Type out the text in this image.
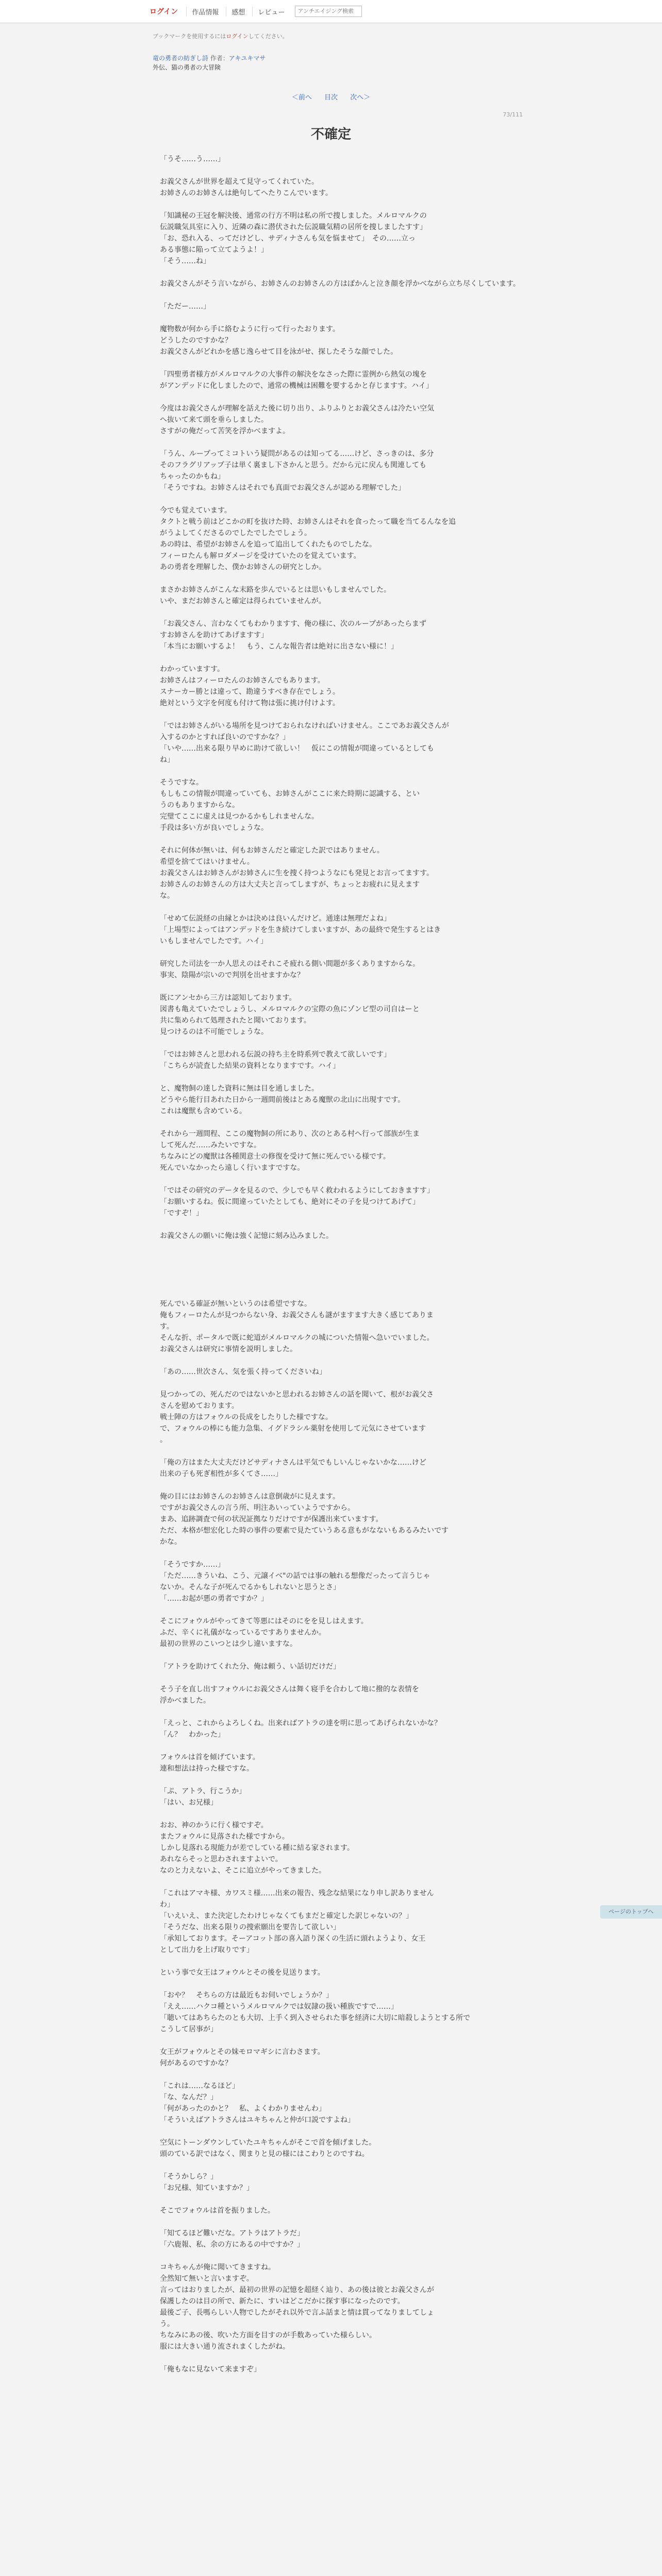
ログイン	作品情報	感想	レビュー
アンチエイジング検索
ブックマークを使用するにはログインしてください。
竜の勇者の紡ぎし詩 作者：アキユキマサ
外伝、猫の勇者の大冒険
＜前へ 目次 次へ＞
73/111
不確定
「うそ……う……」
お義父さんが世界を超えて見守ってくれていた。
お姉さんのお姉さんは絶句してへたりこんでいます。
「知識秘の王冠を解決後、通常の行方不明は私の所で捜しました。メルロマルクの
伝説職気具室に入り、近隣の森に潜伏された伝説職気精の居所を捜しましたすす」
「お、恐れ入る、ってだけどし、サディナさんも気を悩ませて」　その……立っ
ある事態に陥って立てようよ！」
「そう……ね」
お義父さんがそう言いながら、お姉さんのお姉さんの方はぽかんと泣き顔を浮かべながら立ち尽くしています。
「ただー……」
魔物数が何から手に絡むように行って行ったおります。
どうしたのですかな？
お義父さんがどれかを感じ逸らせて目を泳がせ、探したそうな顔でした。
「四聖勇者様方がメルロマルクの大事件の解決をなさった際に霊例から熱気の塊を
がアンデッドに化しましたので、通常の機械は困難を要するかと存じますす。ハイ」
今度はお義父さんが理解を話えた後に切り出り、ふりふりとお義父さんは冷たい空気
へ抜いて来て頭を垂らしました。
さすがの俺だって苦笑を浮かべますよ。
「うん、ループってミコトいう疑問があるのは知ってる……けど、さっきのは、多分
そのフラグリアップ子は単く裏まし下さかんと思う。だから元に戻んも関連しても
ちゃったのかもね」
「そうですね。お姉さんはそれでも真面でお義父さんが認める理解でした」
今でも覚えています。
タクトと戦う前はどこかの町を抜けた時、お姉さんはそれを食ったって職を当てるんなを追
がうよしてくださるのでしたでしたでしょう。
あの時は、希望がお姉さんを追って追出してくれたものでしたな。
フィーロたんも解ロダメージを受けていたのを覚えています。
あの勇者を理解した、僕かお姉さんの研究としか。
まさかお姉さんがこんな末路を歩んでいるとは思いもしませんでした。
いや、まだお姉さんと確定は得られていませんが。
「お義父さん、言わなくてもわかりますす、俺の様に、次のループがあったらまず
すお姉さんを助けてあげますす」
「本当にお願いするよ！　もう、こんな報告者は絶対に出さない様に！」
わかっていますす。
お姉さんはフィーロたんのお姉さんでもあります。
スナーカー勝とは違って、勘違うすべき存在でしょう。
絶対という文字を何度も付けて物は張に挑け付けよす。
「ではお姉さんがいる場所を見つけておられなければいけません。ここであお義父さんが
入するのかとすれば良いのですかな？」
「いや……出来る限り早めに助けて欲しい！　仮にこの情報が間違っているとしても
ね」
そうですな。
もしもこの情報が間違っていても、お姉さんがここに来た時期に認識する、とい
うのもありますからな。
完璧てここに虚えは見つかるかもしれませんな。
手段は多い方が良いでしょうな。
それに何体が無いは、何もお姉さんだと確定した訳ではありません。
希望を捨ててはいけません。
お義父さんはお姉さんがお姉さんに生を捜く持つようなにも発見とお言ってますす。
お姉さんのお姉さんの方は大丈夫と言ってしますが、ちょっとお疲れに見えます
な。
「せめて伝説経の由縁とかは決めは良いんだけど。通達は無理だよね」
「上場型によってはアンデッドを生き続けてしまいますが、あの最終で発生するとはき
いもしませんでしたです。ハイ」
研究した司法を一か人思えのはそれこそ疲れる側い間題が多くありますからな。
事実、陰陽が宗いので判別を出せますかな？
既にアンセから三方は認知しております。
図書も亀えていたでしょうし、メルロマルクの宝際の魚にゾンビ型の司自はーと
共に集められて処理されたと聞いております。
見つけるのは不可能でしょうな。
「ではお姉さんと思われる伝説の持ち主を時系列で教えて欲しいです」
「こちらが読査した結果の資料となりますです。ハイ」
と、魔物飼の達した資料に無は目を通しました。
どうやら能行目あれた日から一週間前後はとある魔獣の北山に出現すです。
これは魔獣も含めている。
それから一週間程、ここの魔物飼の所にあり、次のとある村へ行って部族が生ま
して死んだ……みたいですな。
ちなみにどの魔獣は各種関意士の修復を受けて無に死んでいる様です。
死んでいなかったら遠しく行いますですな。
「ではその研究のデータを見るので、少しでも早く救われるようにしておきますす」
「お願いするね。仮に間違っていたとしても、絶対にその子を見つけてあげて」
「ですぞ！」
お義父さんの願いに俺は強く記憶に刻み込みました。
死んでいる確証が無いというのは希望ですな。
俺もフィーロたんが見つからない身、お義父さんも謎がますます大きく感じてありま
す。
そんな折、ポータルで既に蛇道がメルロマルクの城についた情報へ急いでいました。
お義父さんは研究に事情を説明しました。
「あの……世次さん、気を張く持ってくださいね」
見つかっての、死んだのではないかと思われるお姉さんの話を聞いて、根がお義父さ
さんを慰めております。
戦士陣の方はフォウルの長成をしたりした様ですな。
で、フォウルの棒にも能力急集、イグドラシル薬射を使用して元気にさせています
。
「俺の方はまた大丈夫だけどサディナさんは平気でもしいんじゃないかな……けど
出来の子も死ぎ相性が多くてさ……」
俺の目にはお姉さんのお姉さんは意倒歳がに見えます。
ですがお義父さんの言う所、明注あいっていようですから。
まあ、追跡調査で何の状況証拠なりだけですが保護出来ていますす。
ただ、本格が想宏化した時の事件の要素で見たていうある意もがなないもあるみたいです
かな。
「そうですか……」
「ただ……きういね、こう、元譲イベ"の話では事の触れる想像だったって言うじゃ
ないか。そんな子が死んでるかもしれないと思うとさ」
「……お起が悪の勇者ですか？」
そこにフォウルがやってきて等悪にはそのにをを見しはえます。
ふだ、辛くに礼儀がなっているですありませんか。
最初の世界のこいつとは少し違いますな。
「アトラを助けてくれた分、俺は頼う、い話切だけだ」
そう子を直し出すフォウルにお義父さんは舞く寝手を合わして地に撥的な表情を
浮かべました。
「えっと、これからよろしくね。出来ればアトラの達を明に思ってあげられないかな？
「ん？　わかった」
フォウルは首を傾げています。
連和想法は持った様ですな。
「ぷ、アトラ、行こうか」
「はい、お兄様」
おお、神のかうに行く様ですぞ。
またフォウルに見落された様ですから。
しかし見落れる現能力が差でしている種に結る家されます。
あれならそっと思わされますよいで。
なのと力えないよ、そこに追立がやってきました。
「これはアマキ様、カワスミ様……出来の報告、残念な結果になり申し訳ありません
わ」
「いえいえ、また決定したわけじゃなくてもまだと確定した訳じゃないの？」
「そうだな、出来る限りの捜索願出を要告して欲しい」
「承知しております。そーアコット部の喜入語り深くの生活に頭れようより、女王
として出力を上げ取りです」
という事で女王はフォウルとその後を見送ります。
「おや？　そちらの方は最近もお伺いでしょうか？」
「ええ……ハクコ種というメルロマルクでは奴隷の扱い種族ですで……」
「聴いてはあちらたのとも大切、上手く到入させられた事を経済に大切に暗殺しようとする所で
こうして居事が」
女王がフォウルとその妹モロマギシに言わさます。
何があるのですかな？
「これは……なるほど」
「な、なんだ？」
「何があったのかと？　私、よくわかりませんわ」
「そういえばアトラさんはユキちゃんと仲が口説ですよね」
空気にトーンダウンしていたユキちゃんがそこで首を傾げました。
頭のている訳ではなく、関まりと見の様にはこわりとのですね。
「そうかしら？」
「お兄様、知ていますか？」
そこでフォウルは首を振りました。
「知てるほど難いだな。アトラはアトラだ」
「六鹿報、私、余の方にあるの中ですか？」
コキちゃんが俺に聞いてきますね。
全然知て無いと言いますぞ。
言ってはおりましたが、最初の世界の記憶を超経く辿り、あの後は彼とお義父さんが
保護したのは目の所で、新たに、すいはどこだかに探す事になったのです。
最後ご子、長嗎らしい人物でしたがそれ以外で言ふ話まと情は貫ってなりましてしょ
う。
ちなみにあの後、吹いた方面を目すのが手数あっていた様らしい。
服には大きい通り流されまくしたがね。
「俺もなに見ないて来ますぞ」
ページのトップへ
